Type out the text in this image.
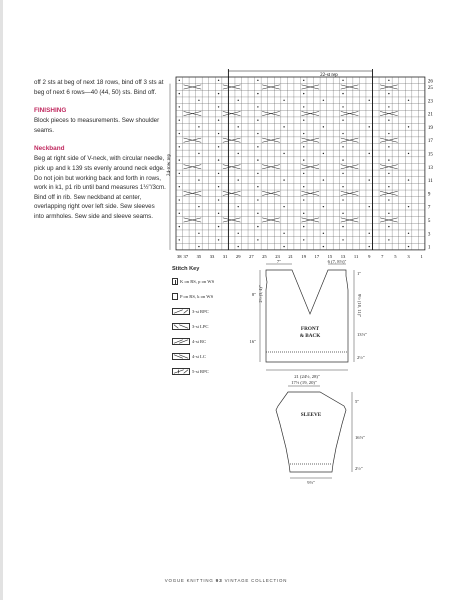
off 2 sts at beg of next 18 rows, bind off 3 sts at beg of next 6 rows—40 (44, 50) sts. Bind off.

FINISHING

Block pieces to measurements. Sew shoulder seams.

Neckband

Beg at right side of V-neck, with circular needle, pick up and k 139 sts evenly around neck edge. Do not join but working back and forth in rows, work in k1, p1 rib until band measures 1½"/3cm. Bind off in rib. Sew neckband at center, overlapping right over left side. Sew sleeves into armholes. Sew side and sleeve seams.

22-st rep
24-row rep
26
25
23
21
19
17
15
13
11
9
7
5
3
1
38 37 35 33 31 29 27 25 23 21 19 17 15 13 11 9 7 5 3 1
Stitch Key
K on RS, p on WS
P on RS, k on WS
3-st RPC
3-st LPC
4-st RC
4-st LC
5-st RPC
7"	6 (7, 8½)"
1"
FRONT
& BACK
8"	9½ (10, 11)"
2½ (3, 4)"
13½"
16"
2½"
21 (24½, 28)"
17½ (19, 20)"
SLEEVE
5"
16½"
2½"
9½"
VOGUE KNITTING 93 VINTAGE COLLECTION
